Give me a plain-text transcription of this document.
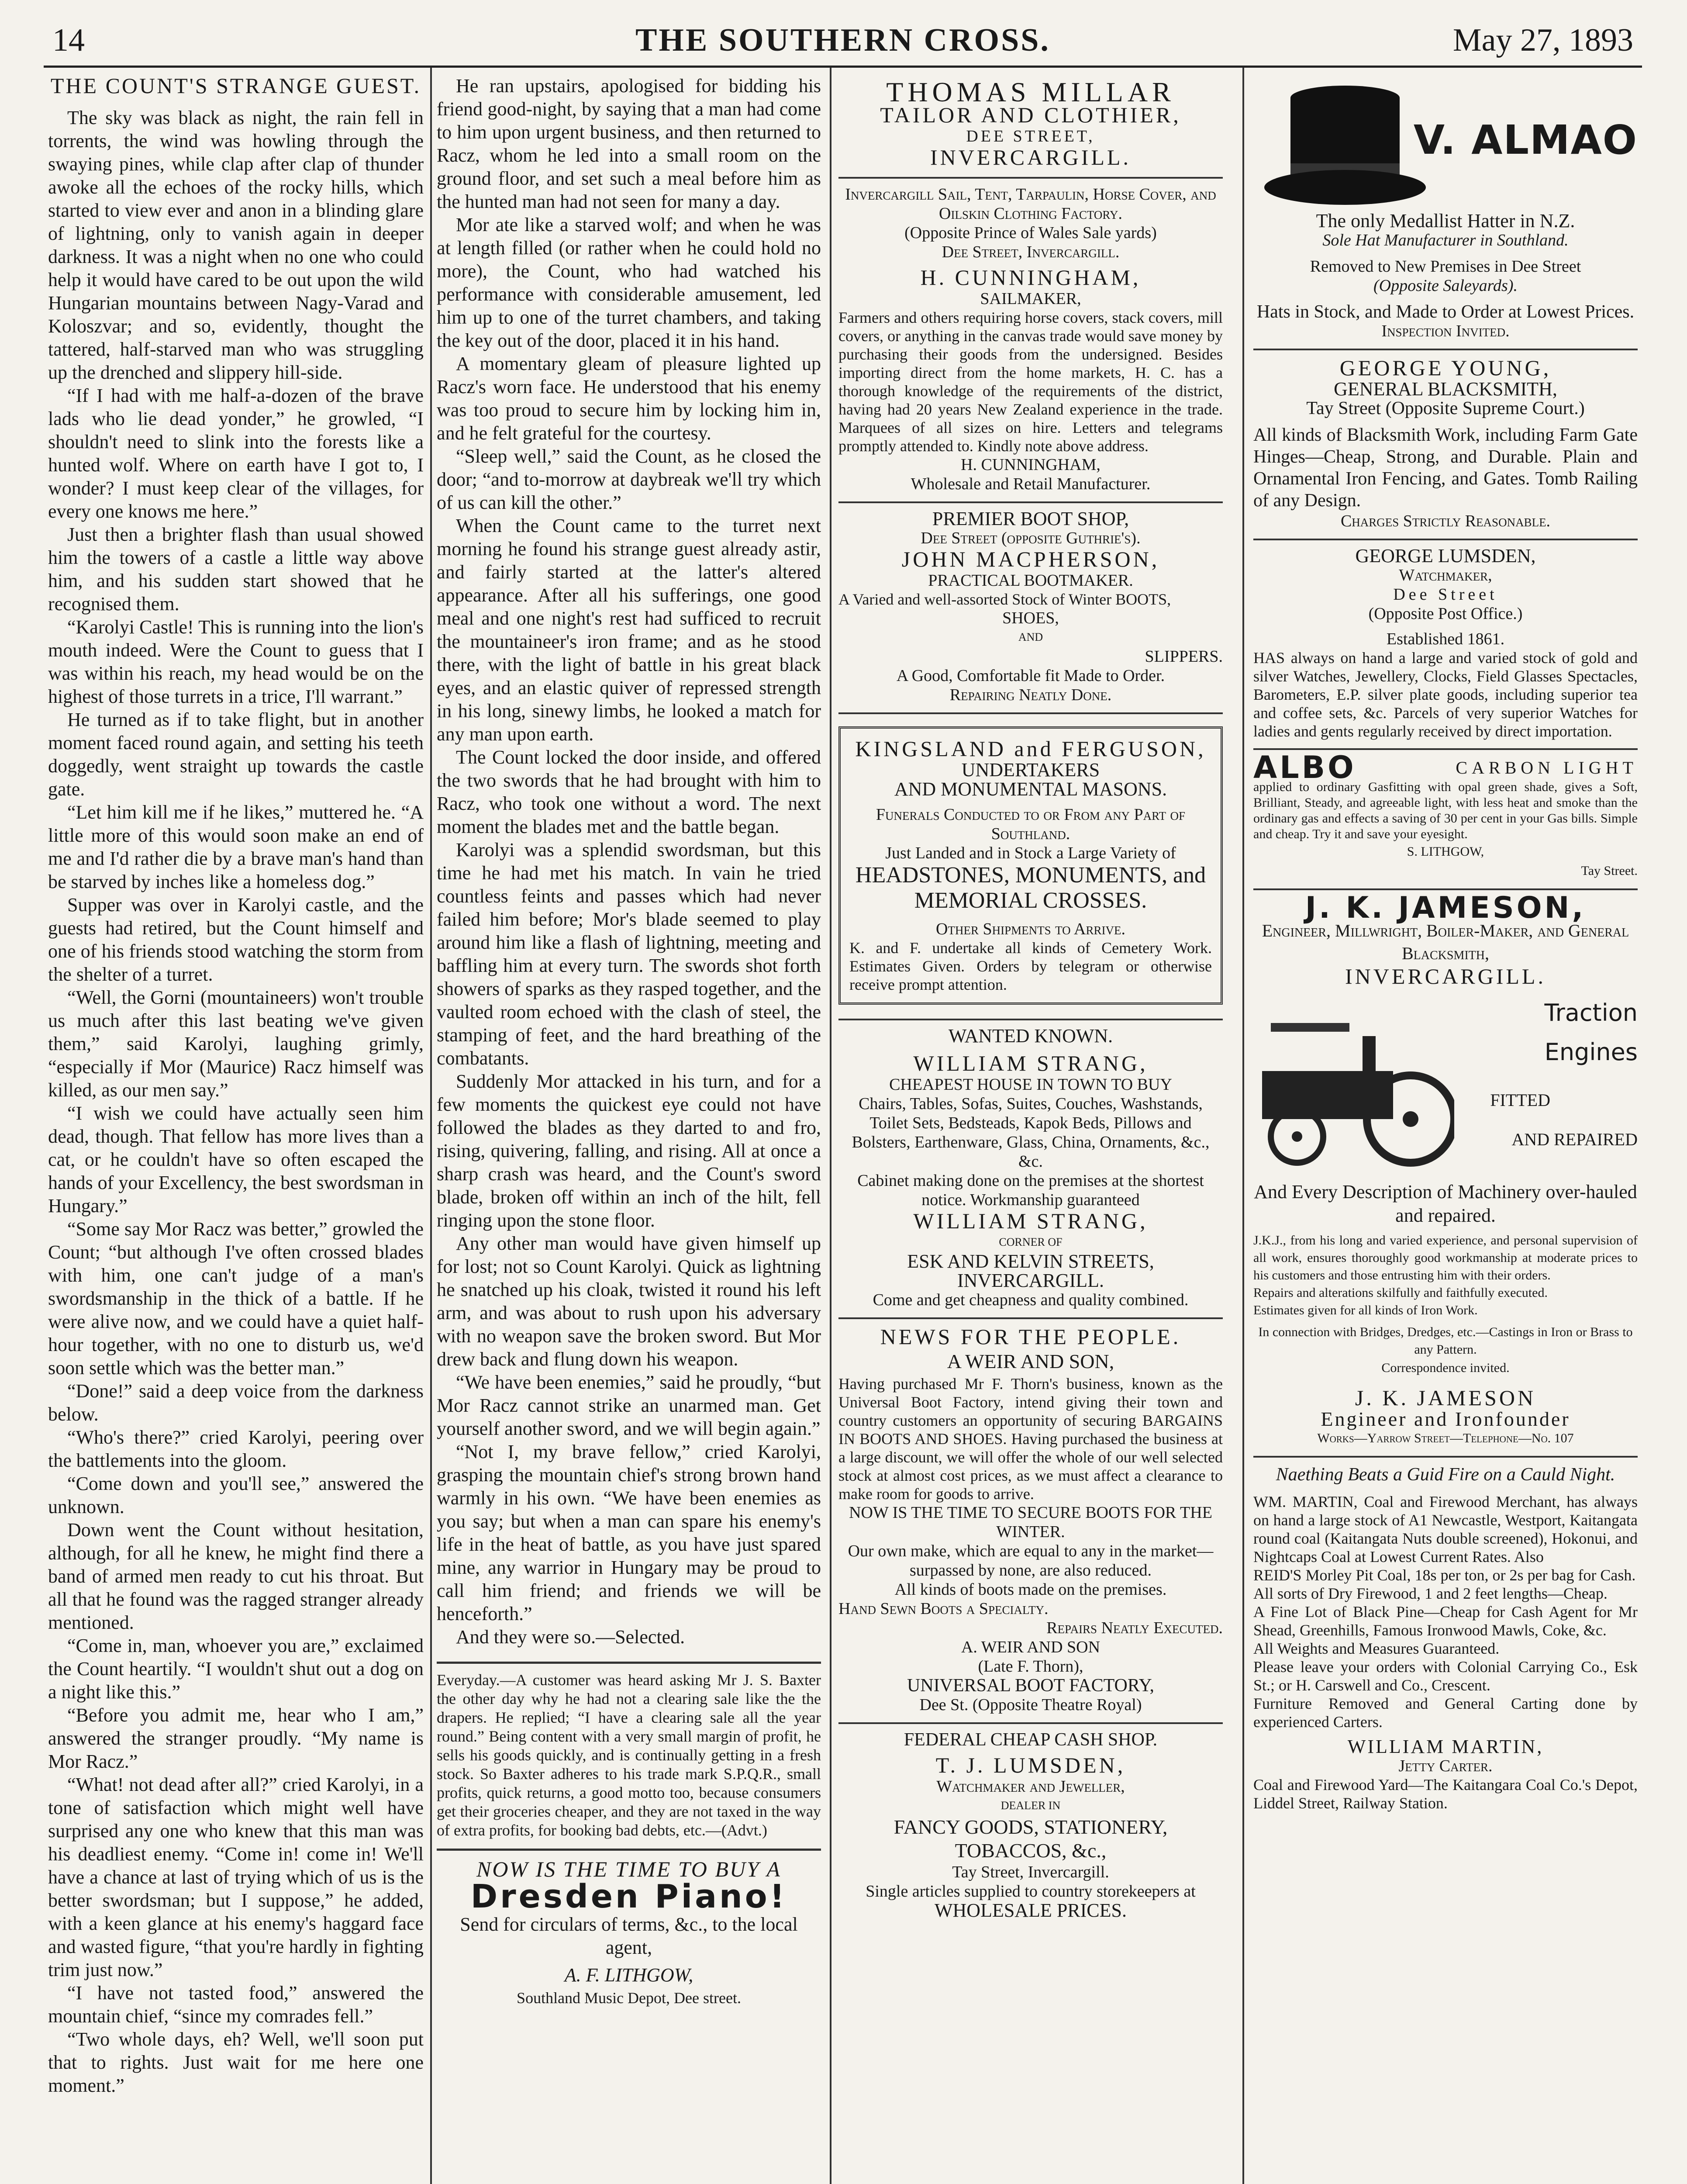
14	THE SOUTHERN CROSS.	May 27, 1893
THE COUNT'S STRANGE GUEST.

The sky was black as night, the rain fell in torrents, the wind was howling through the swaying pines, while clap after clap of thunder awoke all the echoes of the rocky hills, which started to view ever and anon in a blinding glare of lightning, only to vanish again in deeper darkness. It was a night when no one who could help it would have cared to be out upon the wild Hungarian mountains between Nagy-Varad and Koloszvar; and so, evidently, thought the tattered, half-starved man who was struggling up the drenched and slippery hill-side.

“If I had with me half-a-dozen of the brave lads who lie dead yonder,” he growled, “I shouldn't need to slink into the forests like a hunted wolf. Where on earth have I got to, I wonder? I must keep clear of the villages, for every one knows me here.”

Just then a brighter flash than usual showed him the towers of a castle a little way above him, and his sudden start showed that he recognised them.

“Karolyi Castle! This is running into the lion's mouth indeed. Were the Count to guess that I was within his reach, my head would be on the highest of those turrets in a trice, I'll warrant.”

He turned as if to take flight, but in another moment faced round again, and setting his teeth doggedly, went straight up towards the castle gate.

“Let him kill me if he likes,” muttered he. “A little more of this would soon make an end of me and I'd rather die by a brave man's hand than be starved by inches like a homeless dog.”

Supper was over in Karolyi castle, and the guests had retired, but the Count himself and one of his friends stood watching the storm from the shelter of a turret.

“Well, the Gorni (mountaineers) won't trouble us much after this last beating we've given them,” said Karolyi, laughing grimly, “especially if Mor (Maurice) Racz himself was killed, as our men say.”

“I wish we could have actually seen him dead, though. That fellow has more lives than a cat, or he couldn't have so often escaped the hands of your Excellency, the best swordsman in Hungary.”

“Some say Mor Racz was better,” growled the Count; “but although I've often crossed blades with him, one can't judge of a man's swordsmanship in the thick of a battle. If he were alive now, and we could have a quiet half-hour together, with no one to disturb us, we'd soon settle which was the better man.”

“Done!” said a deep voice from the darkness below.

“Who's there?” cried Karolyi, peering over the battlements into the gloom.

“Come down and you'll see,” answered the unknown.

Down went the Count without hesitation, although, for all he knew, he might find there a band of armed men ready to cut his throat. But all that he found was the ragged stranger already mentioned.

“Come in, man, whoever you are,” exclaimed the Count heartily. “I wouldn't shut out a dog on a night like this.”

“Before you admit me, hear who I am,” answered the stranger proudly. “My name is Mor Racz.”

“What! not dead after all?” cried Karolyi, in a tone of satisfaction which might well have surprised any one who knew that this man was his deadliest enemy. “Come in! come in! We'll have a chance at last of trying which of us is the better swordsman; but I suppose,” he added, with a keen glance at his enemy's haggard face and wasted figure, “that you're hardly in fighting trim just now.”

“I have not tasted food,” answered the mountain chief, “since my comrades fell.”

“Two whole days, eh? Well, we'll soon put that to rights. Just wait for me here one moment.”

He ran upstairs, apologised for bidding his friend good-night, by saying that a man had come to him upon urgent business, and then returned to Racz, whom he led into a small room on the ground floor, and set such a meal before him as the hunted man had not seen for many a day.

Mor ate like a starved wolf; and when he was at length filled (or rather when he could hold no more), the Count, who had watched his performance with considerable amusement, led him up to one of the turret chambers, and taking the key out of the door, placed it in his hand.

A momentary gleam of pleasure lighted up Racz's worn face. He understood that his enemy was too proud to secure him by locking him in, and he felt grateful for the courtesy.

“Sleep well,” said the Count, as he closed the door; “and to-morrow at daybreak we'll try which of us can kill the other.”

When the Count came to the turret next morning he found his strange guest already astir, and fairly started at the latter's altered appearance. After all his sufferings, one good meal and one night's rest had sufficed to recruit the mountaineer's iron frame; and as he stood there, with the light of battle in his great black eyes, and an elastic quiver of repressed strength in his long, sinewy limbs, he looked a match for any man upon earth.

The Count locked the door inside, and offered the two swords that he had brought with him to Racz, who took one without a word. The next moment the blades met and the battle began.

Karolyi was a splendid swordsman, but this time he had met his match. In vain he tried countless feints and passes which had never failed him before; Mor's blade seemed to play around him like a flash of lightning, meeting and baffling him at every turn. The swords shot forth showers of sparks as they rasped together, and the vaulted room echoed with the clash of steel, the stamping of feet, and the hard breathing of the combatants.

Suddenly Mor attacked in his turn, and for a few moments the quickest eye could not have followed the blades as they darted to and fro, rising, quivering, falling, and rising. All at once a sharp crash was heard, and the Count's sword blade, broken off within an inch of the hilt, fell ringing upon the stone floor.

Any other man would have given himself up for lost; not so Count Karolyi. Quick as lightning he snatched up his cloak, twisted it round his left arm, and was about to rush upon his adversary with no weapon save the broken sword. But Mor drew back and flung down his weapon.

“We have been enemies,” said he proudly, “but Mor Racz cannot strike an unarmed man. Get yourself another sword, and we will begin again.”

“Not I, my brave fellow,” cried Karolyi, grasping the mountain chief's strong brown hand warmly in his own. “We have been enemies as you say; but when a man can spare his enemy's life in the heat of battle, as you have just spared mine, any warrior in Hungary may be proud to call him friend; and friends we will be henceforth.”

And they were so.—Selected.

Everyday.—A customer was heard asking Mr J. S. Baxter the other day why he had not a clearing sale like the the drapers. He replied; “I have a clearing sale all the year round.” Being content with a very small margin of profit, he sells his goods quickly, and is continually getting in a fresh stock. So Baxter adheres to his trade mark S.P.Q.R., small profits, quick returns, a good motto too, because consumers get their groceries cheaper, and they are not taxed in the way of extra profits, for booking bad debts, etc.—(Advt.)
NOW IS THE TIME TO BUY A
Dresden Piano!
Send for circulars of terms, &c., to the local agent,
A. F. LITHGOW,
Southland Music Depot, Dee street.
THOMAS MILLAR
TAILOR AND CLOTHIER,
DEE STREET,
INVERCARGILL.
Invercargill Sail, Tent, Tarpaulin, Horse Cover, and Oilskin Clothing Factory.
(Opposite Prince of Wales Sale yards)
Dee Street, Invercargill.
H. CUNNINGHAM,
SAILMAKER,
Farmers and others requiring horse covers, stack covers, mill covers, or anything in the canvas trade would save money by purchasing their goods from the undersigned. Besides importing direct from the home markets, H. C. has a thorough knowledge of the requirements of the district, having had 20 years New Zealand experience in the trade. Marquees of all sizes on hire. Letters and telegrams promptly attended to. Kindly note above address.
H. CUNNINGHAM,
Wholesale and Retail Manufacturer.
PREMIER BOOT SHOP,
Dee Street (opposite Guthrie's).
JOHN MACPHERSON,
PRACTICAL BOOTMAKER.
A Varied and well-assorted Stock of Winter BOOTS,
SHOES,
AND
SLIPPERS.
A Good, Comfortable fit Made to Order.
Repairing Neatly Done.
KINGSLAND and FERGUSON,
UNDERTAKERS
AND MONUMENTAL MASONS.
Funerals Conducted to or From any Part of Southland.
Just Landed and in Stock a Large Variety of
HEADSTONES, MONUMENTS, and MEMORIAL CROSSES.
Other Shipments to Arrive.
K. and F. undertake all kinds of Cemetery Work. Estimates Given. Orders by telegram or otherwise receive prompt attention.
WANTED KNOWN.
WILLIAM STRANG,
CHEAPEST HOUSE IN TOWN TO BUY
Chairs, Tables, Sofas, Suites, Couches, Washstands, Toilet Sets, Bedsteads, Kapok Beds, Pillows and Bolsters, Earthenware, Glass, China, Ornaments, &c., &c.
Cabinet making done on the premises at the shortest notice. Workmanship guaranteed
WILLIAM STRANG,
CORNER OF
ESK AND KELVIN STREETS, INVERCARGILL.
Come and get cheapness and quality combined.
NEWS FOR THE PEOPLE.
A WEIR AND SON,
Having purchased Mr F. Thorn's business, known as the Universal Boot Factory, intend giving their town and country customers an opportunity of securing BARGAINS IN BOOTS AND SHOES. Having purchased the business at a large discount, we will offer the whole of our well selected stock at almost cost prices, as we must affect a clearance to make room for goods to arrive.
NOW IS THE TIME TO SECURE BOOTS FOR THE WINTER.
Our own make, which are equal to any in the market—surpassed by none, are also reduced.
All kinds of boots made on the premises.
Hand Sewn Boots a Specialty.
Repairs Neatly Executed.
A. WEIR AND SON
(Late F. Thorn),
UNIVERSAL BOOT FACTORY,
Dee St. (Opposite Theatre Royal)
FEDERAL CHEAP CASH SHOP.
T. J. LUMSDEN,
Watchmaker and Jeweller,
DEALER IN
FANCY GOODS, STATIONERY, TOBACCOS, &c.,
Tay Street, Invercargill.
Single articles supplied to country storekeepers at
WHOLESALE PRICES.
V. ALMAO
The only Medallist Hatter in N.Z.
Sole Hat Manufacturer in Southland.
Removed to New Premises in Dee Street
(Opposite Saleyards).
Hats in Stock, and Made to Order at Lowest Prices.
Inspection Invited.
GEORGE YOUNG,
GENERAL BLACKSMITH,
Tay Street (Opposite Supreme Court.)
All kinds of Blacksmith Work, including Farm Gate Hinges—Cheap, Strong, and Durable. Plain and Ornamental Iron Fencing, and Gates. Tomb Railing of any Design.
Charges Strictly Reasonable.
GEORGE LUMSDEN,
Watchmaker,
Dee Street
(Opposite Post Office.)
Established 1861.
HAS always on hand a large and varied stock of gold and silver Watches, Jewellery, Clocks, Field Glasses Spectacles, Barometers, E.P. silver plate goods, including superior tea and coffee sets, &c. Parcels of very superior Watches for ladies and gents regularly received by direct importation.
ALBO	CARBON LIGHT
applied to ordinary Gasfitting with opal green shade, gives a Soft, Brilliant, Steady, and agreeable light, with less heat and smoke than the ordinary gas and effects a saving of 30 per cent in your Gas bills. Simple and cheap. Try it and save your eyesight.
S. LITHGOW,
Tay Street.
J. K. JAMESON,
Engineer, Millwright, Boiler-Maker, and General Blacksmith,
INVERCARGILL.
Traction
Engines
FITTED
AND REPAIRED
And Every Description of Machinery over-hauled and repaired.
J.K.J., from his long and varied experience, and personal supervision of all work, ensures thoroughly good workmanship at moderate prices to his customers and those entrusting him with their orders.
Repairs and alterations skilfully and faithfully executed.
Estimates given for all kinds of Iron Work.
In connection with Bridges, Dredges, etc.—Castings in Iron or Brass to any Pattern.
Correspondence invited.
J. K. JAMESON
Engineer and Ironfounder
Works—Yarrow Street—Telephone—No. 107
Naething Beats a Guid Fire on a Cauld Night.
WM. MARTIN, Coal and Firewood Merchant, has always on hand a large stock of A1 Newcastle, Westport, Kaitangata round coal (Kaitangata Nuts double screened), Hokonui, and Nightcaps Coal at Lowest Current Rates. Also
REID'S Morley Pit Coal, 18s per ton, or 2s per bag for Cash.
All sorts of Dry Firewood, 1 and 2 feet lengths—Cheap.
A Fine Lot of Black Pine—Cheap for Cash Agent for Mr Shead, Greenhills, Famous Ironwood Mawls, Coke, &c.
All Weights and Measures Guaranteed.
Please leave your orders with Colonial Carrying Co., Esk St.; or H. Carswell and Co., Crescent.
Furniture Removed and General Carting done by experienced Carters.
WILLIAM MARTIN,
Jetty Carter.
Coal and Firewood Yard—The Kaitangara Coal Co.'s Depot, Liddel Street, Railway Station.
